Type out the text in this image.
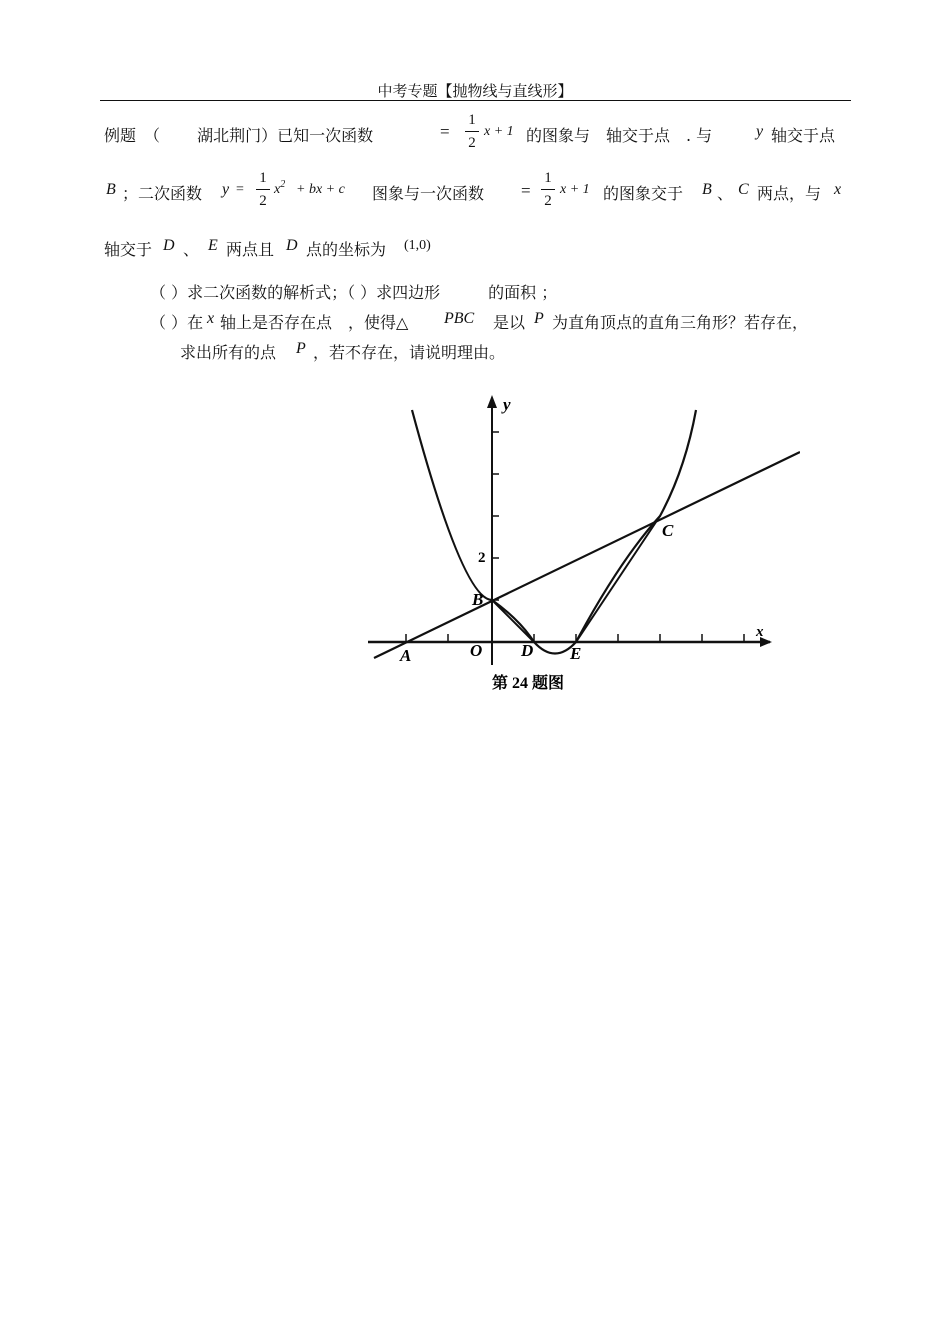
中考专题【抛物线与直线形】
例题　（　　 湖北荆门）已知一次函数	=
1
2
x + 1 的图象与　轴交于点　. 与	y 轴交于点
B ；二次函数 y =
1
2
$x^2$ + bx + c 图象与一次函数 =
1
2
x + 1 的图象交于 B 、 C 两点，与 x
轴交于 D 、 E 两点且 D 点的坐标为 (1,0)
（ ）求二次函数的解析式；（ ）求四边形　　　的面积 ；
（ ）在 x 轴上是否存在点　，使得△ PBC 是以 P 为直角顶点的直角三角形？若存在，
求出所有的点 P ，若不存在，请说明理由。
y
x
2
B
C
A	O D E
第 24 题图
